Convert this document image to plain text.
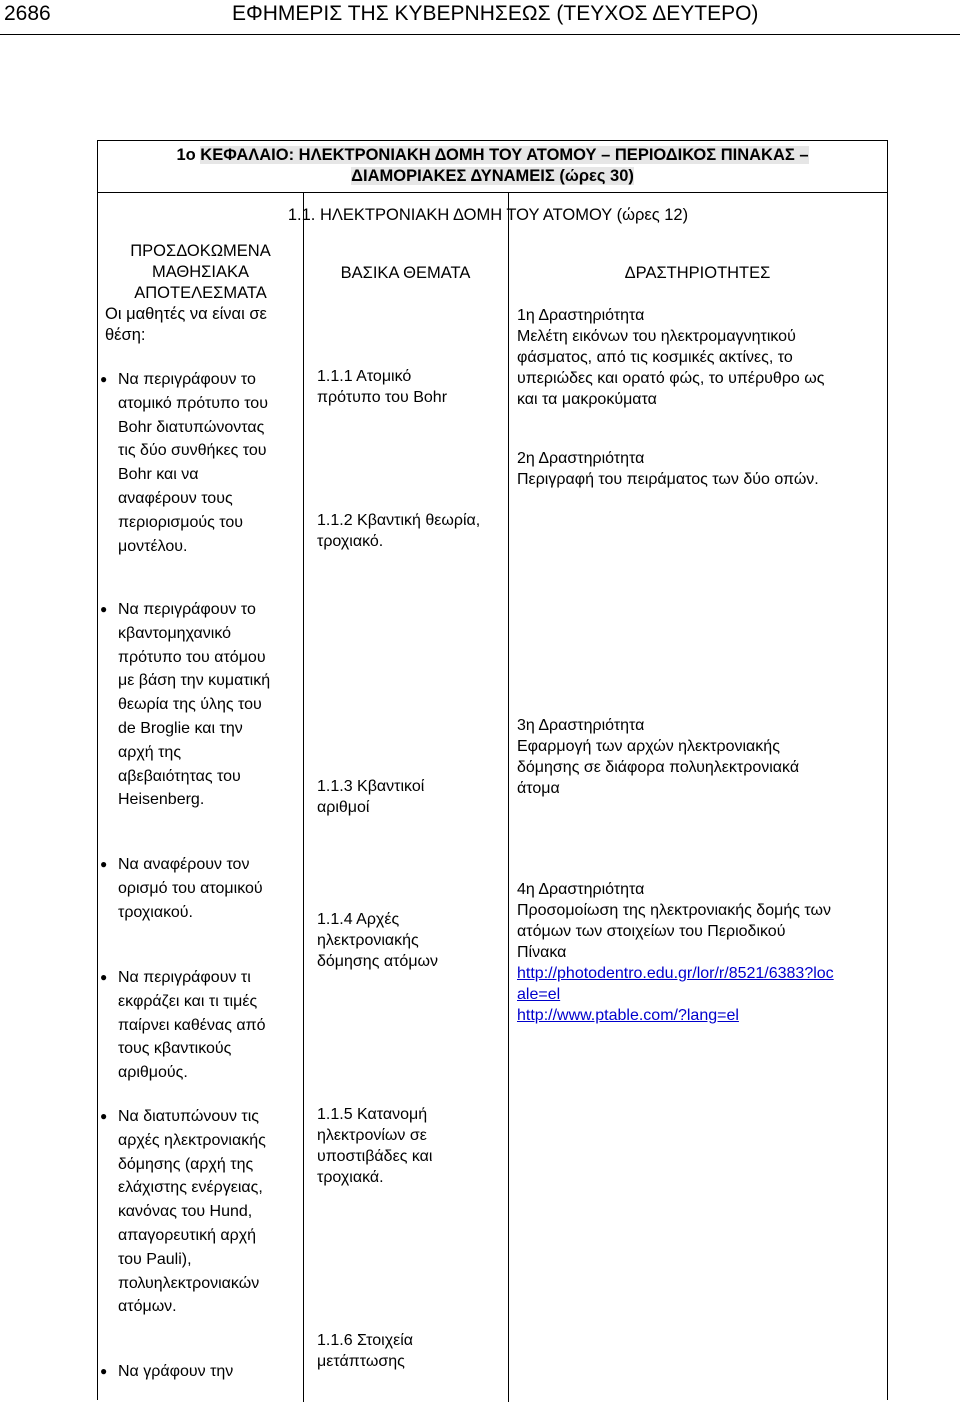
2686	ΕΦΗΜΕΡΙΣ ΤΗΣ ΚΥΒΕΡΝΗΣΕΩΣ (ΤΕΥΧΟΣ ΔΕΥΤΕΡΟ)
1ο ΚΕΦΑΛΑΙΟ: ΗΛΕΚΤΡΟΝΙΑΚΗ ΔΟΜΗ ΤΟΥ ΑΤΟΜΟΥ – ΠΕΡΙΟΔΙΚΟΣ ΠΙΝΑΚΑΣ –
ΔΙΑΜΟΡΙΑΚΕΣ ΔΥΝΑΜΕΙΣ (ώρες 30)
1.1. ΗΛΕΚΤΡΟΝΙΑΚΗ ΔΟΜΗ ΤΟΥ ΑΤΟΜΟΥ (ώρες 12)
ΠΡΟΣΔΟΚΩΜΕΝΑ
ΜΑΘΗΣΙΑΚΑ
ΑΠΟΤΕΛΕΣΜΑΤΑ
ΒΑΣΙΚΑ ΘΕΜΑΤΑ	ΔΡΑΣΤΗΡΙΟΤΗΤΕΣ
Οι μαθητές να είναι σε
θέση:
● Να περιγράφουν το
ατομικό πρότυπο του
Bohr διατυπώνοντας
τις δύο συνθήκες του
Bohr και να
αναφέρουν τους
περιορισμούς του
μοντέλου.
● Να περιγράφουν το
κβαντομηχανικό
πρότυπο του ατόμου
με βάση την κυματική
θεωρία της ύλης του
de Broglie και την
αρχή της
αβεβαιότητας του
Heisenberg.
● Να αναφέρουν τον
ορισμό του ατομικού
τροχιακού.
● Να περιγράφουν τι
εκφράζει και τι τιμές
παίρνει καθένας από
τους κβαντικούς
αριθμούς.
● Να διατυπώνουν τις
αρχές ηλεκτρονιακής
δόμησης (αρχή της
ελάχιστης ενέργειας,
κανόνας του Hund,
απαγορευτική αρχή
του Pauli),
πολυηλεκτρονιακών
ατόμων.
● Να γράφουν την
1.1.1 Ατομικό
πρότυπο του Bohr
1.1.2 Κβαντική θεωρία,
τροχιακό.
1.1.3 Κβαντικοί
αριθμοί
1.1.4 Αρχές
ηλεκτρονιακής
δόμησης ατόμων
1.1.5 Κατανομή
ηλεκτρονίων σε
υποστιβάδες και
τροχιακά.
1.1.6 Στοιχεία
μετάπτωσης
1η Δραστηριότητα
Μελέτη εικόνων του ηλεκτρομαγνητικού
φάσματος, από τις κοσμικές ακτίνες, το
υπεριώδες και ορατό φώς, το υπέρυθρο ως
και τα μακροκύματα
2η Δραστηριότητα
Περιγραφή του πειράματος των δύο οπών.
3η Δραστηριότητα
Εφαρμογή των αρχών ηλεκτρονιακής
δόμησης σε διάφορα πολυηλεκτρονιακά
άτομα
4η Δραστηριότητα
Προσομοίωση της ηλεκτρονιακής δομής των
ατόμων των στοιχείων του Περιοδικού
Πίνακα
http://photodentro.edu.gr/lor/r/8521/6383?loc
ale=el
http://www.ptable.com/?lang=el
